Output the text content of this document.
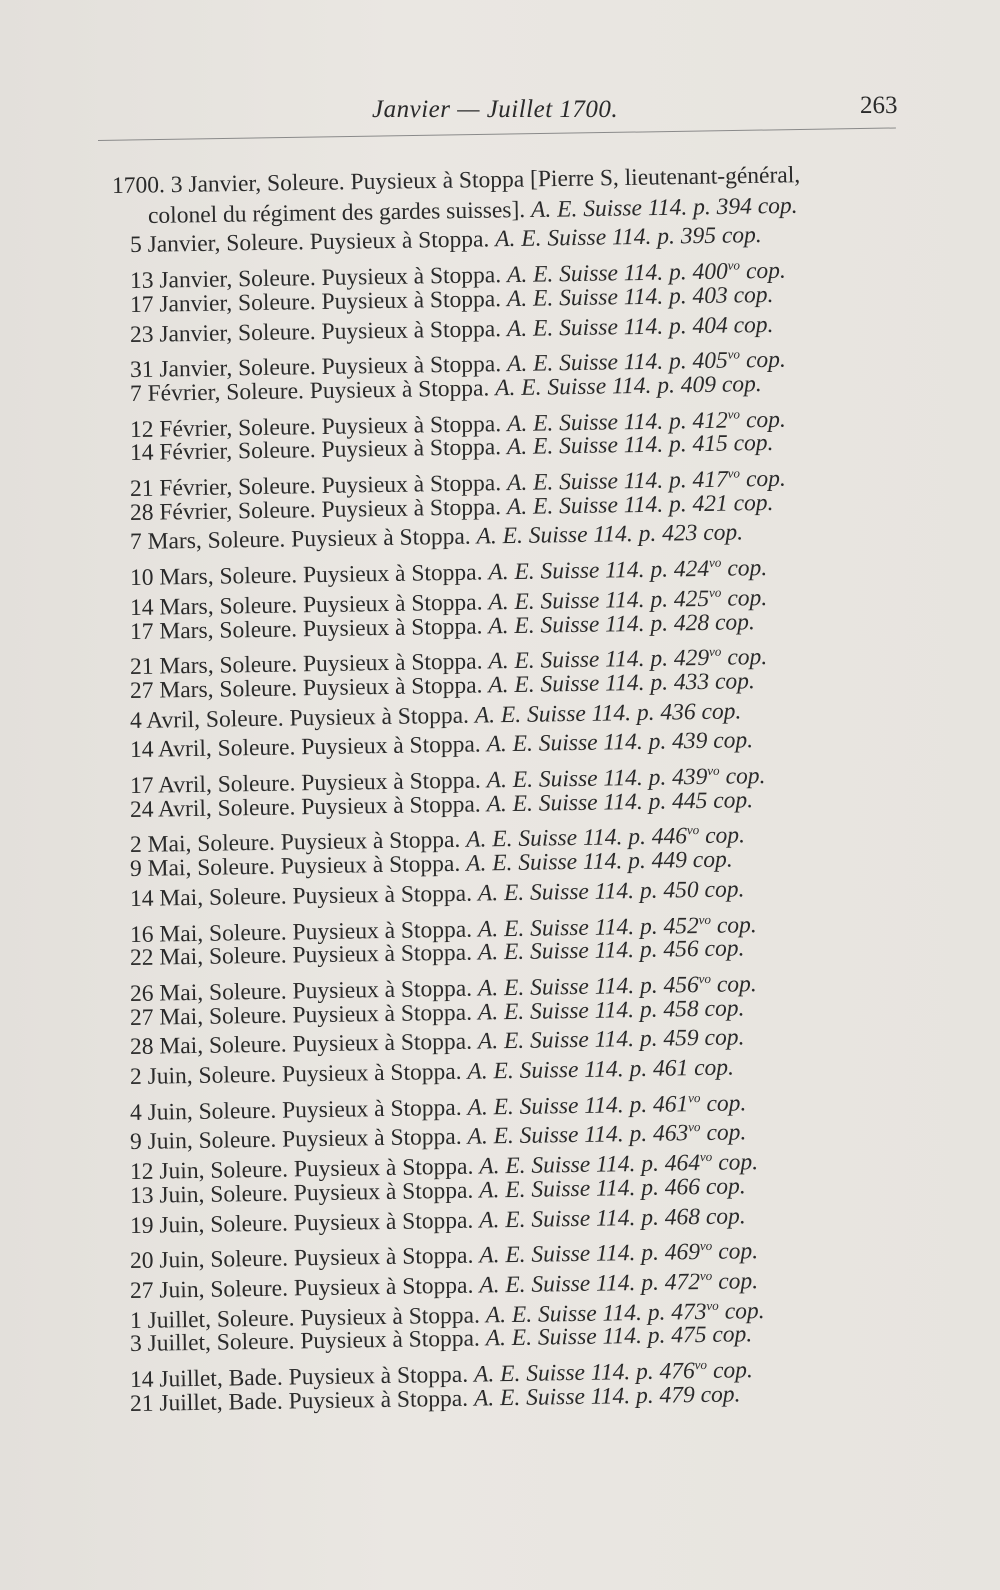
Janvier — Juillet 1700.	263
1700. 3 Janvier, Soleure. Puysieux à Stoppa [Pierre S, lieutenant-général,
colonel du régiment des gardes suisses]. A. E. Suisse 114. p. 394 cop.
5 Janvier, Soleure. Puysieux à Stoppa. A. E. Suisse 114. p. 395 cop.
13 Janvier, Soleure. Puysieux à Stoppa. A. E. Suisse 114. p. $400^{vo}$ cop.
17 Janvier, Soleure. Puysieux à Stoppa. A. E. Suisse 114. p. 403 cop.
23 Janvier, Soleure. Puysieux à Stoppa. A. E. Suisse 114. p. 404 cop.
31 Janvier, Soleure. Puysieux à Stoppa. A. E. Suisse 114. p. $405^{vo}$ cop.
7 Février, Soleure. Puysieux à Stoppa. A. E. Suisse 114. p. 409 cop.
12 Février, Soleure. Puysieux à Stoppa. A. E. Suisse 114. p. $412^{vo}$ cop.
14 Février, Soleure. Puysieux à Stoppa. A. E. Suisse 114. p. 415 cop.
21 Février, Soleure. Puysieux à Stoppa. A. E. Suisse 114. p. $417^{vo}$ cop.
28 Février, Soleure. Puysieux à Stoppa. A. E. Suisse 114. p. 421 cop.
7 Mars, Soleure. Puysieux à Stoppa. A. E. Suisse 114. p. 423 cop.
10 Mars, Soleure. Puysieux à Stoppa. A. E. Suisse 114. p. $424^{vo}$ cop.
14 Mars, Soleure. Puysieux à Stoppa. A. E. Suisse 114. p. $425^{vo}$ cop.
17 Mars, Soleure. Puysieux à Stoppa. A. E. Suisse 114. p. 428 cop.
21 Mars, Soleure. Puysieux à Stoppa. A. E. Suisse 114. p. $429^{vo}$ cop.
27 Mars, Soleure. Puysieux à Stoppa. A. E. Suisse 114. p. 433 cop.
4 Avril, Soleure. Puysieux à Stoppa. A. E. Suisse 114. p. 436 cop.
14 Avril, Soleure. Puysieux à Stoppa. A. E. Suisse 114. p. 439 cop.
17 Avril, Soleure. Puysieux à Stoppa. A. E. Suisse 114. p. $439^{vo}$ cop.
24 Avril, Soleure. Puysieux à Stoppa. A. E. Suisse 114. p. 445 cop.
2 Mai, Soleure. Puysieux à Stoppa. A. E. Suisse 114. p. $446^{vo}$ cop.
9 Mai, Soleure. Puysieux à Stoppa. A. E. Suisse 114. p. 449 cop.
14 Mai, Soleure. Puysieux à Stoppa. A. E. Suisse 114. p. 450 cop.
16 Mai, Soleure. Puysieux à Stoppa. A. E. Suisse 114. p. $452^{vo}$ cop.
22 Mai, Soleure. Puysieux à Stoppa. A. E. Suisse 114. p. 456 cop.
26 Mai, Soleure. Puysieux à Stoppa. A. E. Suisse 114. p. $456^{vo}$ cop.
27 Mai, Soleure. Puysieux à Stoppa. A. E. Suisse 114. p. 458 cop.
28 Mai, Soleure. Puysieux à Stoppa. A. E. Suisse 114. p. 459 cop.
2 Juin, Soleure. Puysieux à Stoppa. A. E. Suisse 114. p. 461 cop.
4 Juin, Soleure. Puysieux à Stoppa. A. E. Suisse 114. p. $461^{vo}$ cop.
9 Juin, Soleure. Puysieux à Stoppa. A. E. Suisse 114. p. $463^{vo}$ cop.
12 Juin, Soleure. Puysieux à Stoppa. A. E. Suisse 114. p. $464^{vo}$ cop.
13 Juin, Soleure. Puysieux à Stoppa. A. E. Suisse 114. p. 466 cop.
19 Juin, Soleure. Puysieux à Stoppa. A. E. Suisse 114. p. 468 cop.
20 Juin, Soleure. Puysieux à Stoppa. A. E. Suisse 114. p. $469^{vo}$ cop.
27 Juin, Soleure. Puysieux à Stoppa. A. E. Suisse 114. p. $472^{vo}$ cop.
1 Juillet, Soleure. Puysieux à Stoppa. A. E. Suisse 114. p. $473^{vo}$ cop.
3 Juillet, Soleure. Puysieux à Stoppa. A. E. Suisse 114. p. 475 cop.
14 Juillet, Bade. Puysieux à Stoppa. A. E. Suisse 114. p. $476^{vo}$ cop.
21 Juillet, Bade. Puysieux à Stoppa. A. E. Suisse 114. p. 479 cop.
